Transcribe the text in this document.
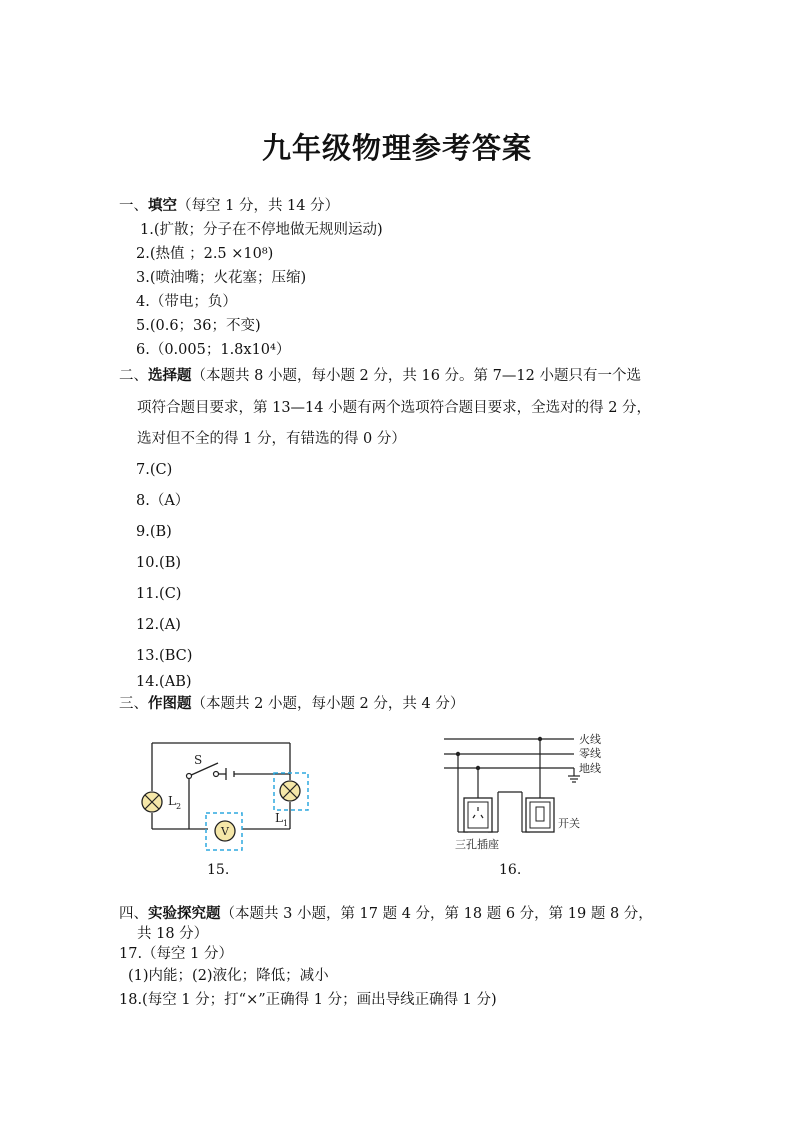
九年级物理参考答案
一、填空（每空 1 分，共 14 分）
1.(扩散；分子在不停地做无规则运动)
2.(热值 ；2.5 ×10⁸)
3.(喷油嘴；火花塞；压缩)
4.（带电；负）
5.(0.6；36；不变)
6.（0.005；1.8x10⁴）
二、选择题（本题共 8 小题，每小题 2 分，共 16 分。第 7—12 小题只有一个选
项符合题目要求，第 13—14 小题有两个选项符合题目要求，全选对的得 2 分，
选对但不全的得 1 分，有错选的得 0 分）
7.(C)
8.（A）
9.(B)
10.(B)
11.(C)
12.(A)
13.(BC)
14.(AB)
三、作图题（本题共 2 小题，每小题 2 分，共 4 分）
V
S
L 2
L 1
15.
火线
零线
地线
三孔插座
开关
16.
四、实验探究题（本题共 3 小题，第 17 题 4 分，第 18 题 6 分，第 19 题 8 分，
共 18 分）
17.（每空 1 分）
(1)内能；(2)液化；降低；减小
18.(每空 1 分；打“×”正确得 1 分；画出导线正确得 1 分)
